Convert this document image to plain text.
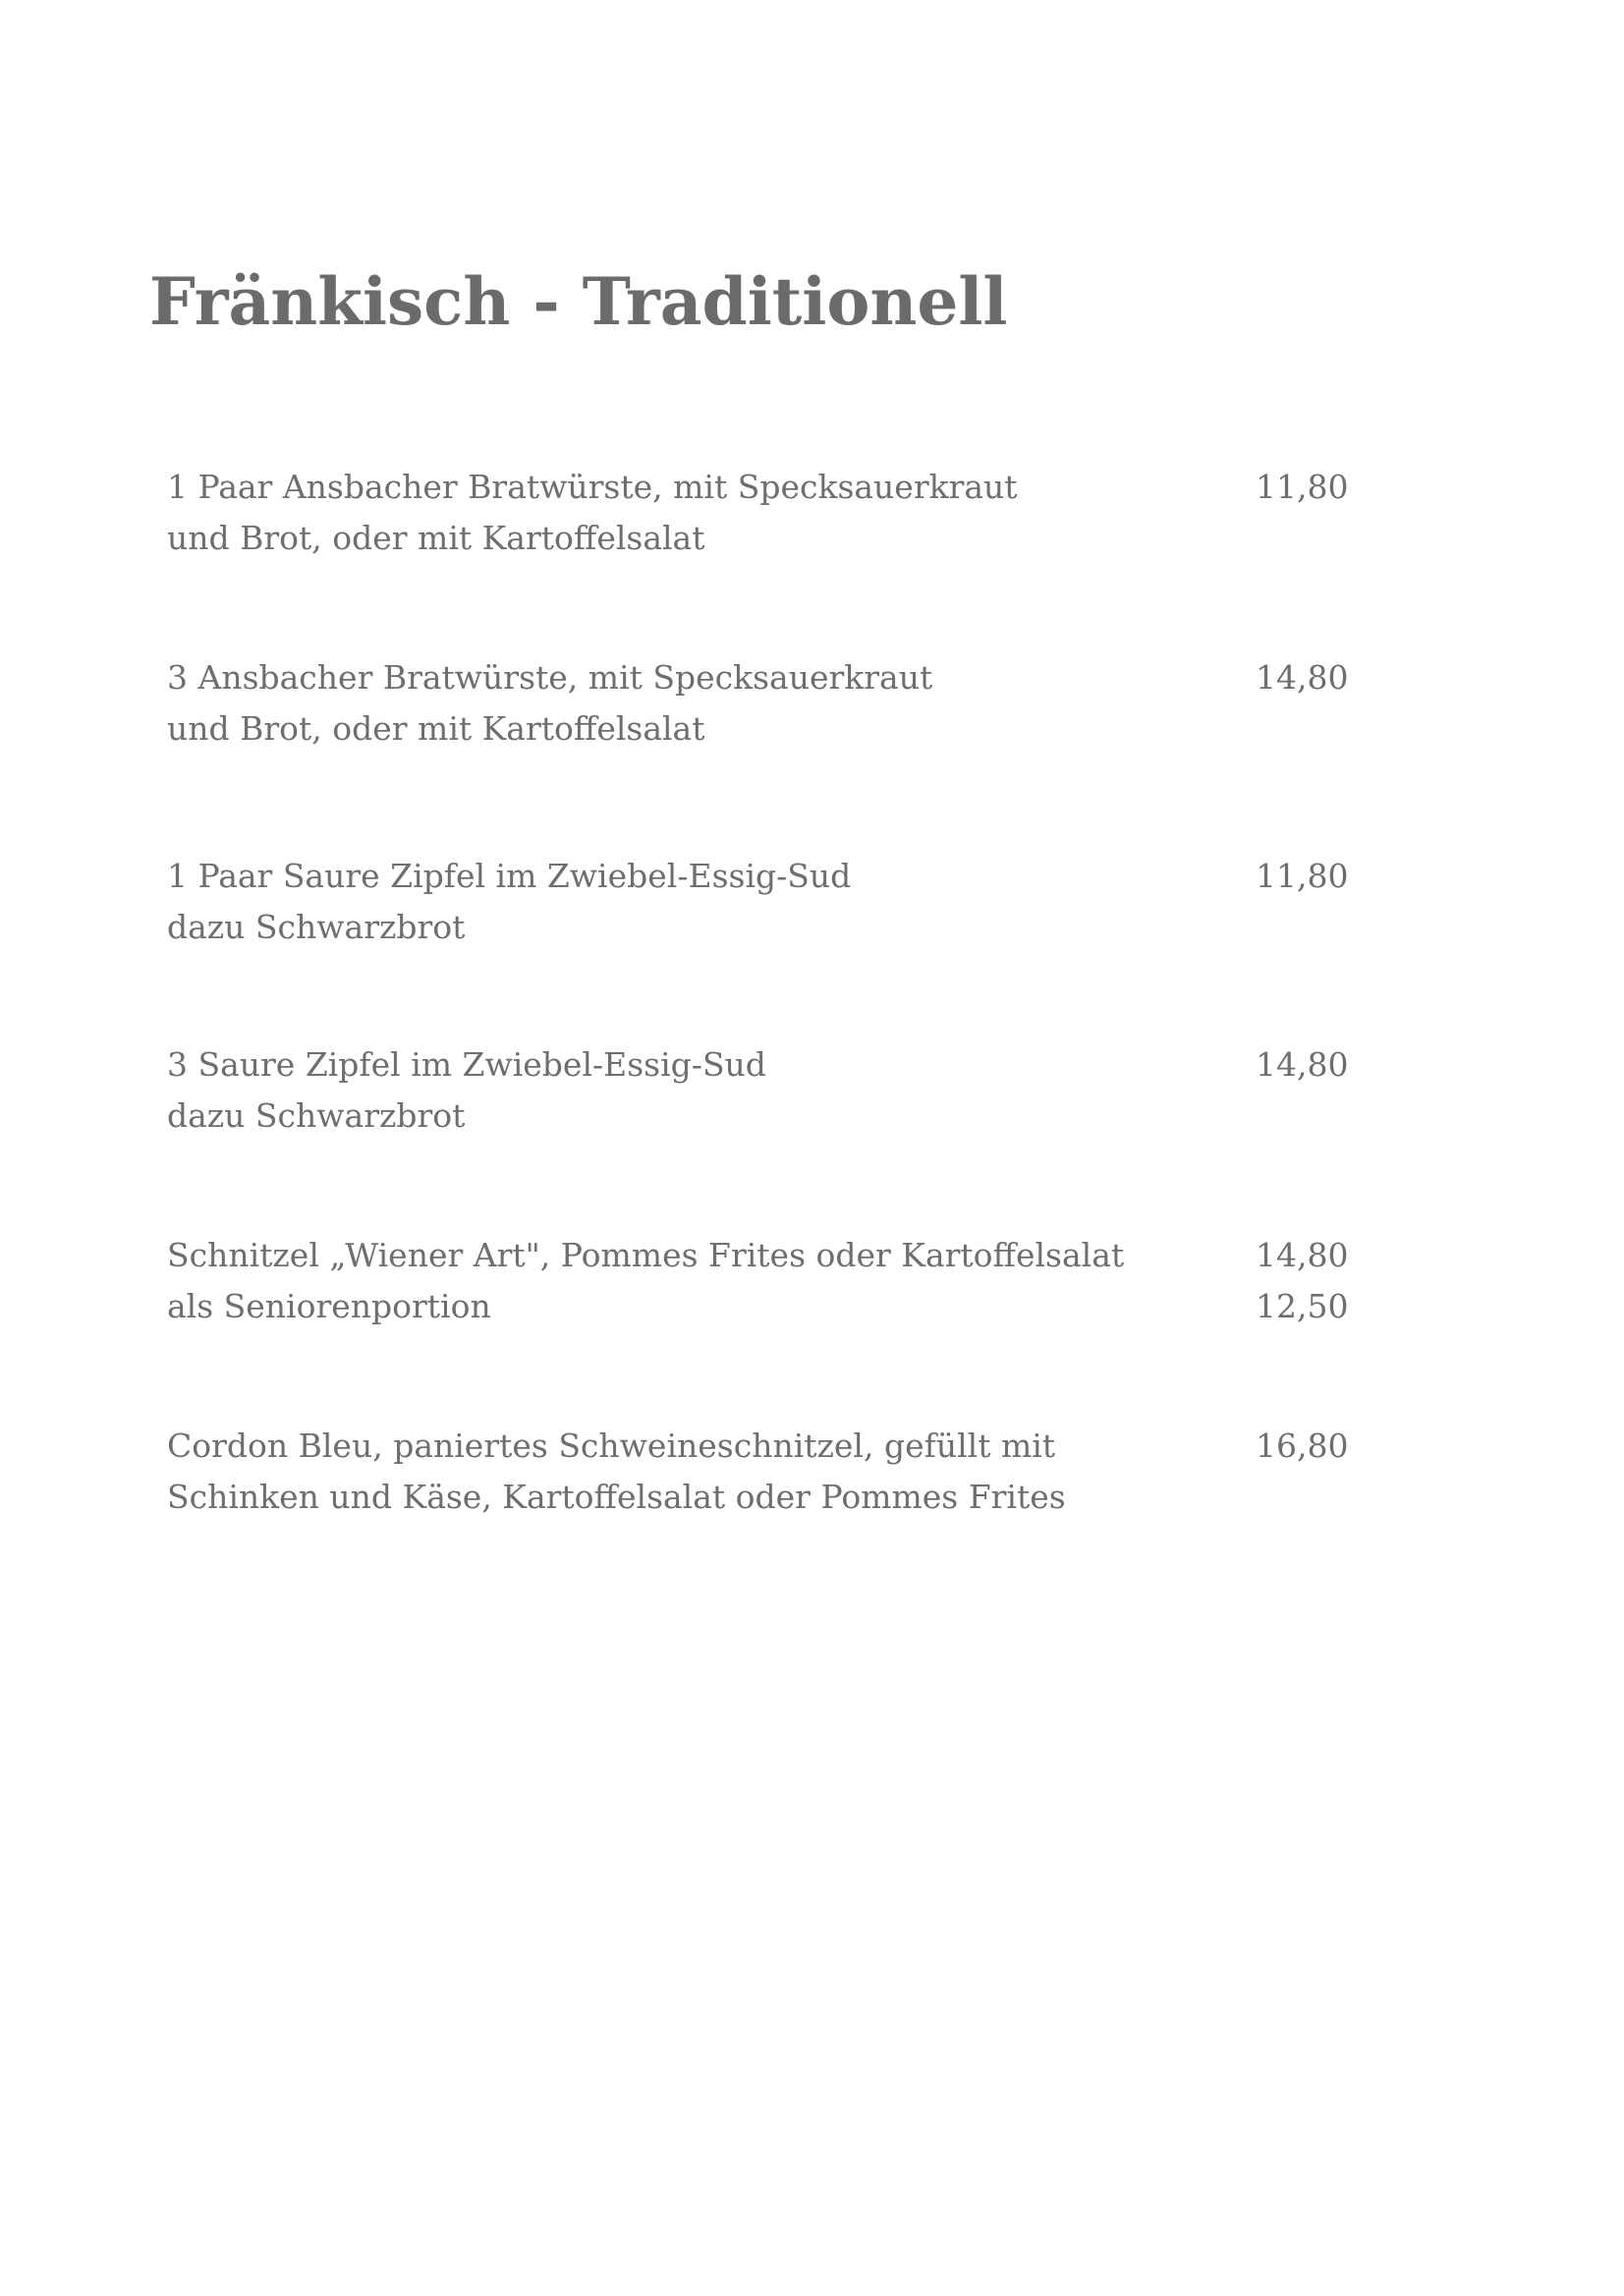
Fränkisch - Traditionell
1 Paar Ansbacher Bratwürste, mit Specksauerkraut
und Brot, oder mit Kartoffelsalat
11,80
3 Ansbacher Bratwürste, mit Specksauerkraut
und Brot, oder mit Kartoffelsalat
14,80
1 Paar Saure Zipfel im Zwiebel-Essig-Sud
dazu Schwarzbrot
11,80
3 Saure Zipfel im Zwiebel-Essig-Sud
dazu Schwarzbrot
14,80
Schnitzel „Wiener Art", Pommes Frites oder Kartoffelsalat
als Seniorenportion
14,80
12,50
Cordon Bleu, paniertes Schweineschnitzel, gefüllt mit
Schinken und Käse, Kartoffelsalat oder Pommes Frites
16,80
